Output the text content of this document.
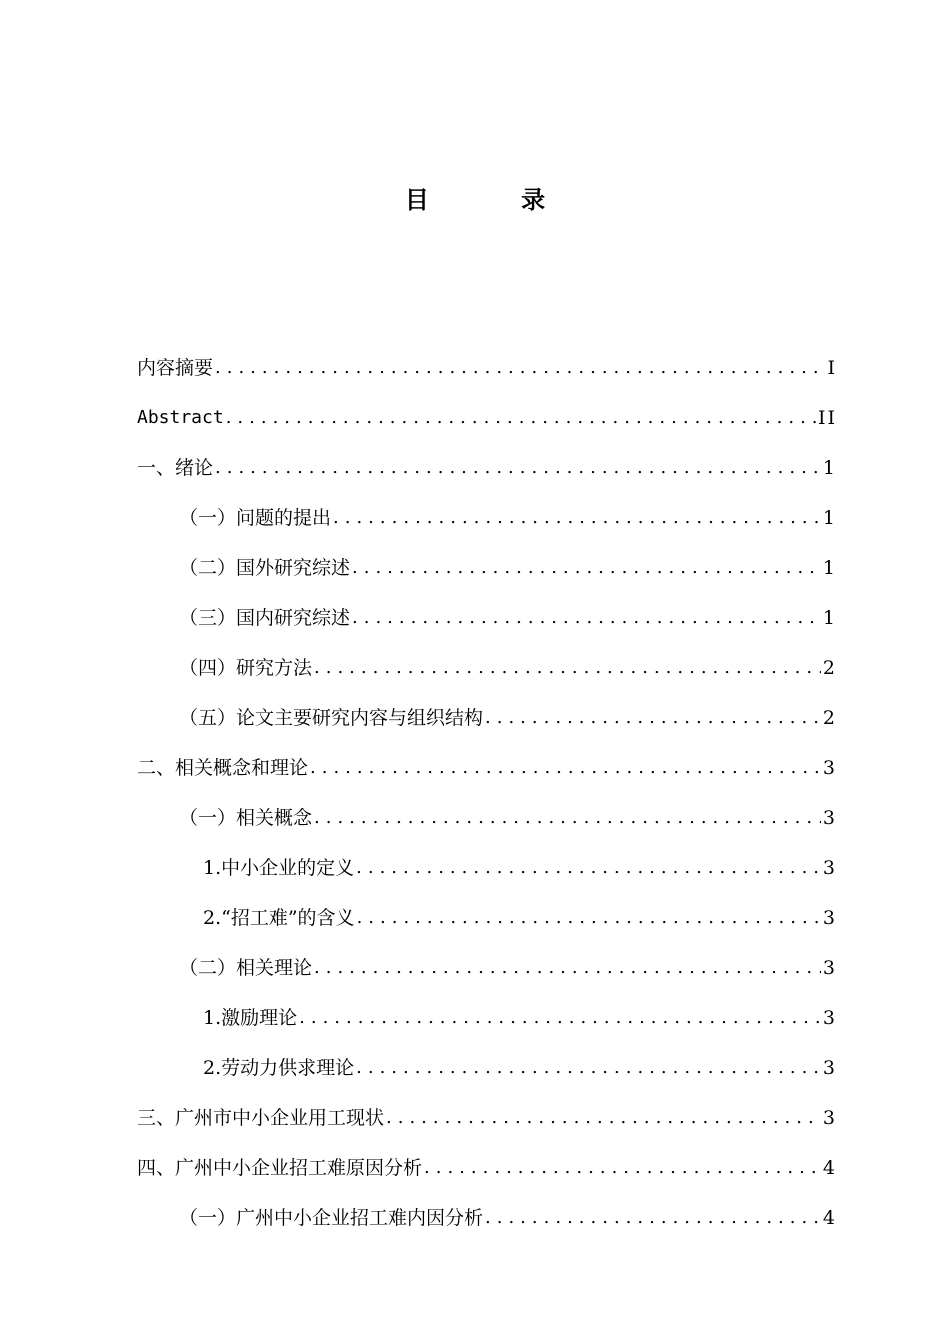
目 录
内容摘要 .....	I
Abstract .....	II
一、绪论 .....	1
（一）问题的提出 .....	1
（二）国外研究综述 .....	1
（三）国内研究综述 .....	1
（四）研究方法 .....	2
（五）论文主要研究内容与组织结构 .....	2
二、相关概念和理论 .....	3
（一）相关概念 .....	3
1.中小企业的定义 .....	3
2.“招工难”的含义 .....	3
（二）相关理论 .....	3
1.激励理论 .....	3
2.劳动力供求理论 .....	3
三、广州市中小企业用工现状 .....	3
四、广州中小企业招工难原因分析 .....	4
（一）广州中小企业招工难内因分析 .....	4
